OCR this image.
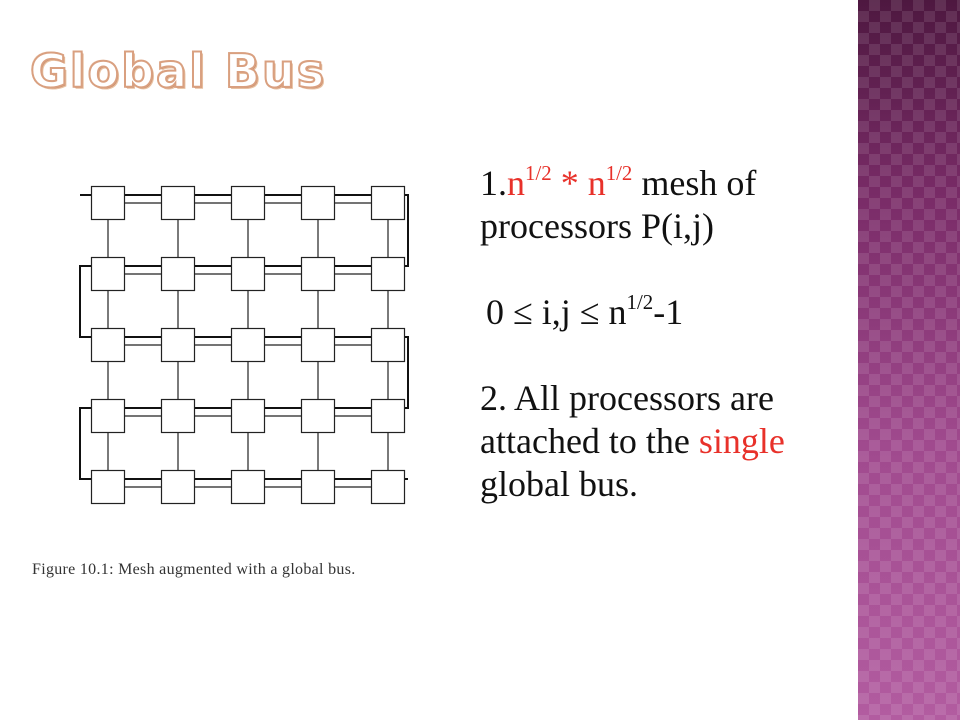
Global Bus
Figure 10.1: Mesh augmented with a global bus.

$1.n^{1/2} * n^{1/2}$ mesh of processors P(i,j)

$0 \le i,j \le n^{1/2}-1$

2. All processors are attached to the single global bus.
